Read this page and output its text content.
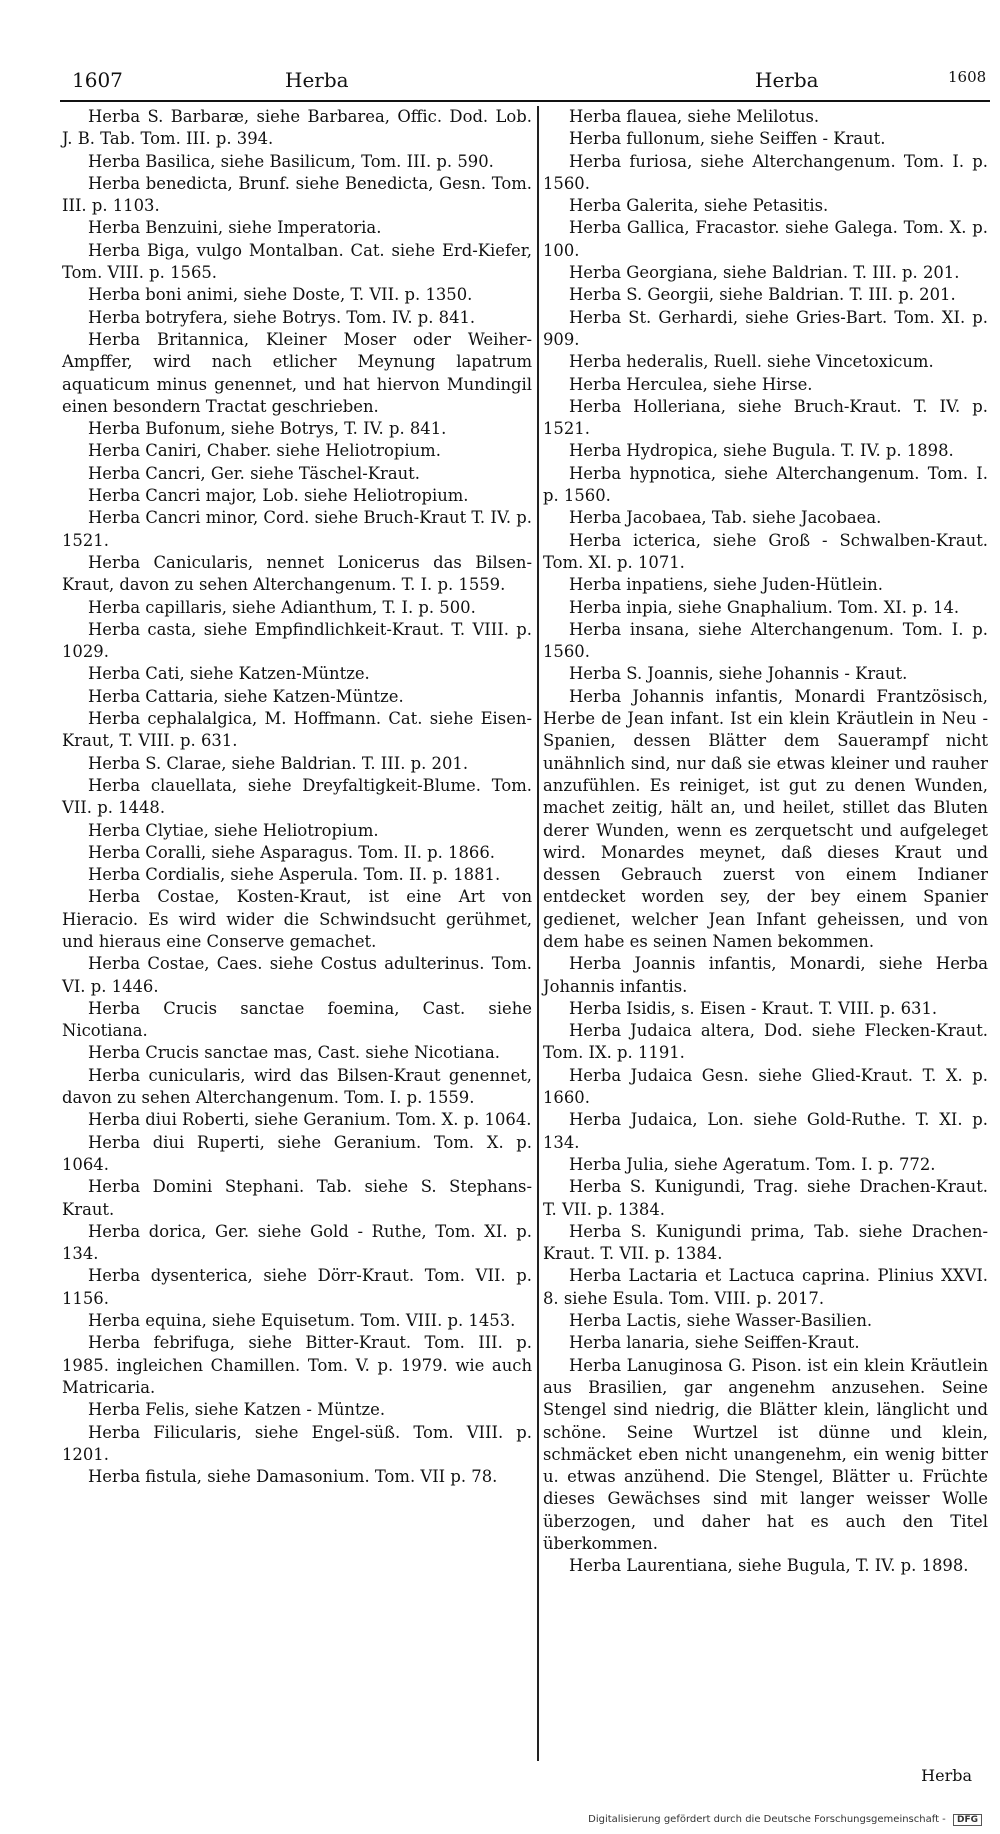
1607	Herba	Herba	1608

Herba S. Barbaræ, siehe Barbarea, Offic. Dod. Lob. J. B. Tab. Tom. III. p. 394.

Herba Basilica, siehe Basilicum, Tom. III. p. 590.

Herba benedicta, Brunf. siehe Benedicta, Gesn. Tom. III. p. 1103.

Herba Benzuini, siehe Imperatoria.

Herba Biga, vulgo Montalban. Cat. siehe Erd-Kiefer, Tom. VIII. p. 1565.

Herba boni animi, siehe Doste, T. VII. p. 1350.

Herba botryfera, siehe Botrys. Tom. IV. p. 841.

Herba Britannica, Kleiner Moser oder Weiher-Ampffer, wird nach etlicher Meynung lapatrum aquaticum minus genennet, und hat hiervon Mundingil einen besondern Tractat geschrieben.

Herba Bufonum, siehe Botrys, T. IV. p. 841.

Herba Caniri, Chaber. siehe Heliotropium.

Herba Cancri, Ger. siehe Täschel-Kraut.

Herba Cancri major, Lob. siehe Heliotropium.

Herba Cancri minor, Cord. siehe Bruch-Kraut T. IV. p. 1521.

Herba Canicularis, nennet Lonicerus das Bilsen-Kraut, davon zu sehen Alterchangenum. T. I. p. 1559.

Herba capillaris, siehe Adianthum, T. I. p. 500.

Herba casta, siehe Empfindlichkeit-Kraut. T. VIII. p. 1029.

Herba Cati, siehe Katzen-Müntze.

Herba Cattaria, siehe Katzen-Müntze.

Herba cephalalgica, M. Hoffmann. Cat. siehe Eisen-Kraut, T. VIII. p. 631.

Herba S. Clarae, siehe Baldrian. T. III. p. 201.

Herba clauellata, siehe Dreyfaltigkeit-Blume. Tom. VII. p. 1448.

Herba Clytiae, siehe Heliotropium.

Herba Coralli, siehe Asparagus. Tom. II. p. 1866.

Herba Cordialis, siehe Asperula. Tom. II. p. 1881.

Herba Costae, Kosten-Kraut, ist eine Art von Hieracio. Es wird wider die Schwindsucht gerühmet, und hieraus eine Conserve gemachet.

Herba Costae, Caes. siehe Costus adulterinus. Tom. VI. p. 1446.

Herba Crucis sanctae foemina, Cast. siehe Nicotiana.

Herba Crucis sanctae mas, Cast. siehe Nicotiana.

Herba cunicularis, wird das Bilsen-Kraut genennet, davon zu sehen Alterchangenum. Tom. I. p. 1559.

Herba diui Roberti, siehe Geranium. Tom. X. p. 1064.

Herba diui Ruperti, siehe Geranium. Tom. X. p. 1064.

Herba Domini Stephani. Tab. siehe S. Stephans-Kraut.

Herba dorica, Ger. siehe Gold - Ruthe, Tom. XI. p. 134.

Herba dysenterica, siehe Dörr-Kraut. Tom. VII. p. 1156.

Herba equina, siehe Equisetum. Tom. VIII. p. 1453.

Herba febrifuga, siehe Bitter-Kraut. Tom. III. p. 1985. ingleichen Chamillen. Tom. V. p. 1979. wie auch Matricaria.

Herba Felis, siehe Katzen - Müntze.

Herba Filicularis, siehe Engel-süß. Tom. VIII. p. 1201.

Herba fistula, siehe Damasonium. Tom. VII p. 78.

Herba flauea, siehe Melilotus.

Herba fullonum, siehe Seiffen - Kraut.

Herba furiosa, siehe Alterchangenum. Tom. I. p. 1560.

Herba Galerita, siehe Petasitis.

Herba Gallica, Fracastor. siehe Galega. Tom. X. p. 100.

Herba Georgiana, siehe Baldrian. T. III. p. 201.

Herba S. Georgii, siehe Baldrian. T. III. p. 201.

Herba St. Gerhardi, siehe Gries-Bart. Tom. XI. p. 909.

Herba hederalis, Ruell. siehe Vincetoxicum.

Herba Herculea, siehe Hirse.

Herba Holleriana, siehe Bruch-Kraut. T. IV. p. 1521.

Herba Hydropica, siehe Bugula. T. IV. p. 1898.

Herba hypnotica, siehe Alterchangenum. Tom. I. p. 1560.

Herba Jacobaea, Tab. siehe Jacobaea.

Herba icterica, siehe Groß - Schwalben-Kraut. Tom. XI. p. 1071.

Herba inpatiens, siehe Juden-Hütlein.

Herba inpia, siehe Gnaphalium. Tom. XI. p. 14.

Herba insana, siehe Alterchangenum. Tom. I. p. 1560.

Herba S. Joannis, siehe Johannis - Kraut.

Herba Johannis infantis, Monardi Frantzösisch, Herbe de Jean infant. Ist ein klein Kräutlein in Neu - Spanien, dessen Blätter dem Sauerampf nicht unähnlich sind, nur daß sie etwas kleiner und rauher anzufühlen. Es reiniget, ist gut zu denen Wunden, machet zeitig, hält an, und heilet, stillet das Bluten derer Wunden, wenn es zerquetscht und aufgeleget wird. Monardes meynet, daß dieses Kraut und dessen Gebrauch zuerst von einem Indianer entdecket worden sey, der bey einem Spanier gedienet, welcher Jean Infant geheissen, und von dem habe es seinen Namen bekommen.

Herba Joannis infantis, Monardi, siehe Herba Johannis infantis.

Herba Isidis, s. Eisen - Kraut. T. VIII. p. 631.

Herba Judaica altera, Dod. siehe Flecken-Kraut. Tom. IX. p. 1191.

Herba Judaica Gesn. siehe Glied-Kraut. T. X. p. 1660.

Herba Judaica, Lon. siehe Gold-Ruthe. T. XI. p. 134.

Herba Julia, siehe Ageratum. Tom. I. p. 772.

Herba S. Kunigundi, Trag. siehe Drachen-Kraut. T. VII. p. 1384.

Herba S. Kunigundi prima, Tab. siehe Drachen-Kraut. T. VII. p. 1384.

Herba Lactaria et Lactuca caprina. Plinius XXVI. 8. siehe Esula. Tom. VIII. p. 2017.

Herba Lactis, siehe Wasser-Basilien.

Herba lanaria, siehe Seiffen-Kraut.

Herba Lanuginosa G. Pison. ist ein klein Kräutlein aus Brasilien, gar angenehm anzusehen. Seine Stengel sind niedrig, die Blätter klein, länglicht und schöne. Seine Wurtzel ist dünne und klein, schmäcket eben nicht unangenehm, ein wenig bitter u. etwas anzühend. Die Stengel, Blätter u. Früchte dieses Gewächses sind mit langer weisser Wolle überzogen, und daher hat es auch den Titel überkommen.

Herba Laurentiana, siehe Bugula, T. IV. p. 1898.

Herba
Digitalisierung gefördert durch die Deutsche Forschungsgemeinschaft - DFG
